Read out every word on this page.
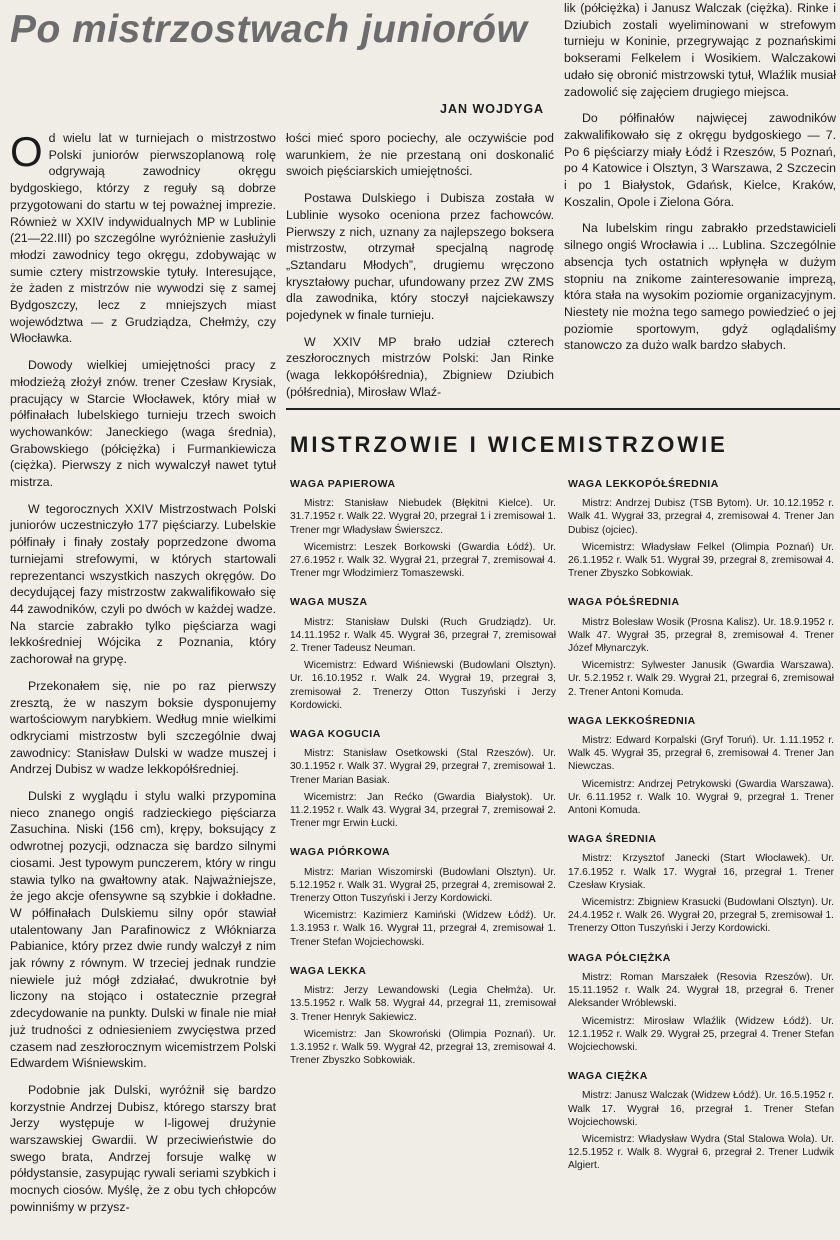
Po mistrzostwach juniorów
JAN WOJDYGA
O d wielu lat w turniejach o mistrzostwo Polski juniorów pierwszoplanową rolę odgrywają zawodnicy okręgu bydgoskiego, którzy z reguły są dobrze przygotowani do startu w tej poważnej imprezie. Również w XXIV indywidualnych MP w Lublinie (21—22.III) po szczególne wyróżnienie zasłużyli młodzi zawodnicy tego okręgu, zdobywając w sumie cztery mistrzowskie tytuły. Interesujące, że żaden z mistrzów nie wywodzi się z samej Bydgoszczy, lecz z mniejszych miast województwa — z Grudziądza, Chełmży, czy Włocławka.

Dowody wielkiej umiejętności pracy z młodzieżą złożył znów. trener Czesław Krysiak, pracujący w Starcie Włocławek, który miał w półfinałach lubelskiego turnieju trzech swoich wychowanków: Janeckiego (waga średnia), Grabowskiego (półciężka) i Furmankiewicza (ciężka). Pierwszy z nich wywalczył nawet tytuł mistrza.

W tegorocznych XXIV Mistrzostwach Polski juniorów uczestniczyło 177 pięściarzy. Lubelskie półfinały i finały zostały poprzedzone dwoma turniejami strefowymi, w których startowali reprezentanci wszystkich naszych okręgów. Do decydującej fazy mistrzostw zakwalifikowało się 44 zawodników, czyli po dwóch w każdej wadze. Na starcie zabrakło tylko pięściarza wagi lekkośredniej Wójcika z Poznania, który zachorował na grypę.

Przekonałem się, nie po raz pierwszy zresztą, że w naszym boksie dysponujemy wartościowym narybkiem. Według mnie wielkimi odkryciami mistrzostw byli szczególnie dwaj zawodnicy: Stanisław Dulski w wadze muszej i Andrzej Dubisz w wadze lekkopółśredniej.

Dulski z wyglądu i stylu walki przypomina nieco znanego ongiś radzieckiego pięściarza Zasuchina. Niski (156 cm), krępy, boksujący z odwrotnej pozycji, odznacza się bardzo silnymi ciosami. Jest typowym punczerem, który w ringu stawia tylko na gwałtowny atak. Najważniejsze, że jego akcje ofensywne są szybkie i dokładne. W półfinałach Dulskiemu silny opór stawiał utalentowany Jan Parafinowicz z Włókniarza Pabianice, który przez dwie rundy walczył z nim jak równy z równym. W trzeciej jednak rundzie niewiele już mógł zdziałać, dwukrotnie był liczony na stojąco i ostatecznie przegrał zdecydowanie na punkty. Dulski w finale nie miał już trudności z odniesieniem zwycięstwa przed czasem nad zeszłorocznym wicemistrzem Polski Edwardem Wiśniewskim.

Podobnie jak Dulski, wyróżnił się bardzo korzystnie Andrzej Dubisz, którego starszy brat Jerzy występuje w I-ligowej drużynie warszawskiej Gwardii. W przeciwieństwie do swego brata, Andrzej forsuje walkę w półdystansie, zasypując rywali seriami szybkich i mocnych ciosów. Myślę, że z obu tych chłopców powinniśmy w przysz-

łości mieć sporo pociechy, ale oczywiście pod warunkiem, że nie przestaną oni doskonalić swoich pięściarskich umiejętności.

Postawa Dulskiego i Dubisza została w Lublinie wysoko oceniona przez fachowców. Pierwszy z nich, uznany za najlepszego boksera mistrzostw, otrzymał specjalną nagrodę „Sztandaru Młodych”, drugiemu wręczono kryształowy puchar, ufundowany przez ZW ZMS dla zawodnika, który stoczył najciekawszy pojedynek w finale turnieju.

W XXIV MP brało udział czterech zeszłorocznych mistrzów Polski: Jan Rinke (waga lekkopółśrednia), Zbigniew Dziubich (półśrednia), Mirosław Wlaź-

lik (półciężka) i Janusz Walczak (ciężka). Rinke i Dziubich zostali wyeliminowani w strefowym turnieju w Koninie, przegrywając z poznańskimi bokserami Felkelem i Wosikiem. Walczakowi udało się obronić mistrzowski tytuł, Wlaźlik musiał zadowolić się zajęciem drugiego miejsca.

Do półfinałów najwięcej zawodników zakwalifikowało się z okręgu bydgoskiego — 7. Po 6 pięściarzy miały Łódź i Rzeszów, 5 Poznań, po 4 Katowice i Olsztyn, 3 Warszawa, 2 Szczecin i po 1 Białystok, Gdańsk, Kielce, Kraków, Koszalin, Opole i Zielona Góra.

Na lubelskim ringu zabrakło przedstawicieli silnego ongiś Wrocławia i ... Lublina. Szczególnie absencja tych ostatnich wpłynęła w dużym stopniu na znikome zainteresowanie imprezą, która stała na wysokim poziomie organizacyjnym. Niestety nie można tego samego powiedzieć o jej poziomie sportowym, gdyż oglądaliśmy stanowczo za dużo walk bardzo słabych.

MISTRZOWIE I WICEMISTRZOWIE
WAGA PAPIEROWA

Mistrz: Stanisław Niebudek (Błękitni Kielce). Ur. 31.7.1952 r. Walk 22. Wygrał 20, przegrał 1 i zremisował 1. Trener mgr Władysław Świerszcz.

Wicemistrz: Leszek Borkowski (Gwardia Łódź). Ur. 27.6.1952 r. Walk 32. Wygrał 21, przegrał 7, zremisował 4. Trener mgr Włodzimierz Tomaszewski.

WAGA MUSZA

Mistrz: Stanisław Dulski (Ruch Grudziądz). Ur. 14.11.1952 r. Walk 45. Wygrał 36, przegrał 7, zremisował 2. Trener Tadeusz Neuman.

Wicemistrz: Edward Wiśniewski (Budowlani Olsztyn). Ur. 16.10.1952 r. Walk 24. Wygrał 19, przegrał 3, zremisował 2. Trenerzy Otton Tuszyński i Jerzy Kordowicki.

WAGA KOGUCIA

Mistrz: Stanisław Osetkowski (Stal Rzeszów). Ur. 30.1.1952 r. Walk 37. Wygrał 29, przegrał 7, zremisował 1. Trener Marian Basiak.

Wicemistrz: Jan Rećko (Gwardia Białystok). Ur. 11.2.1952 r. Walk 43. Wygrał 34, przegrał 7, zremisował 2. Trener mgr Erwin Łucki.

WAGA PIÓRKOWA

Mistrz: Marian Wiszomirski (Budowlani Olsztyn). Ur. 5.12.1952 r. Walk 31. Wygrał 25, przegrał 4, zremisował 2. Trenerzy Otton Tuszyński i Jerzy Kordowicki.

Wicemistrz: Kazimierz Kamiński (Widzew Łódź). Ur. 1.3.1953 r. Walk 16. Wygrał 11, przegrał 4, zremisował 1. Trener Stefan Wojciechowski.

WAGA LEKKA

Mistrz: Jerzy Lewandowski (Legia Chełmża). Ur. 13.5.1952 r. Walk 58. Wygrał 44, przegrał 11, zremisował 3. Trener Henryk Sakiewicz.

Wicemistrz: Jan Skowroński (Olimpia Poznań). Ur. 1.3.1952 r. Walk 59. Wygrał 42, przegrał 13, zremisował 4. Trener Zbyszko Sobkowiak.

WAGA LEKKOPÓŁŚREDNIA

Mistrz: Andrzej Dubisz (TSB Bytom). Ur. 10.12.1952 r. Walk 41. Wygrał 33, przegrał 4, zremisował 4. Trener Jan Dubisz (ojciec).

Wicemistrz: Władysław Felkel (Olimpia Poznań) Ur. 26.1.1952 r. Walk 51. Wygrał 39, przegrał 8, zremisował 4. Trener Zbyszko Sobkowiak.

WAGA PÓŁŚREDNIA

Mistrz Bolesław Wosik (Prosna Kalisz). Ur. 18.9.1952 r. Walk 47. Wygrał 35, przegrał 8, zremisował 4. Trener Józef Młynarczyk.

Wicemistrz: Sylwester Janusik (Gwardia Warszawa). Ur. 5.2.1952 r. Walk 29. Wygrał 21, przegrał 6, zremisował 2. Trener Antoni Komuda.

WAGA LEKKOŚREDNIA

Mistrz: Edward Korpalski (Gryf Toruń). Ur. 1.11.1952 r. Walk 45. Wygrał 35, przegrał 6, zremisował 4. Trener Jan Niewczas.

Wicemistrz: Andrzej Petrykowski (Gwardia Warszawa). Ur. 6.11.1952 r. Walk 10. Wygrał 9, przegrał 1. Trener Antoni Komuda.

WAGA ŚREDNIA

Mistrz: Krzysztof Janecki (Start Włocławek). Ur. 17.6.1952 r. Walk 17. Wygrał 16, przegrał 1. Trener Czesław Krysiak.

Wicemistrz: Zbigniew Krasucki (Budowlani Olsztyn). Ur. 24.4.1952 r. Walk 26. Wygrał 20, przegrał 5, zremisował 1. Trenerzy Otton Tuszyński i Jerzy Kordowicki.

WAGA PÓŁCIĘŻKA

Mistrz: Roman Marszałek (Resovia Rzeszów). Ur. 15.11.1952 r. Walk 24. Wygrał 18, przegrał 6. Trener Aleksander Wróblewski.

Wicemistrz: Mirosław Wlaźlik (Widzew Łódź). Ur. 12.1.1952 r. Walk 29. Wygrał 25, przegrał 4. Trener Stefan Wojciechowski.

WAGA CIĘŻKA

Mistrz: Janusz Walczak (Widzew Łódź). Ur. 16.5.1952 r. Walk 17. Wygrał 16, przegrał 1. Trener Stefan Wojciechowski.

Wicemistrz: Władysław Wydra (Stal Stalowa Wola). Ur. 12.5.1952 r. Walk 8. Wygrał 6, przegrał 2. Trener Ludwik Algiert.
